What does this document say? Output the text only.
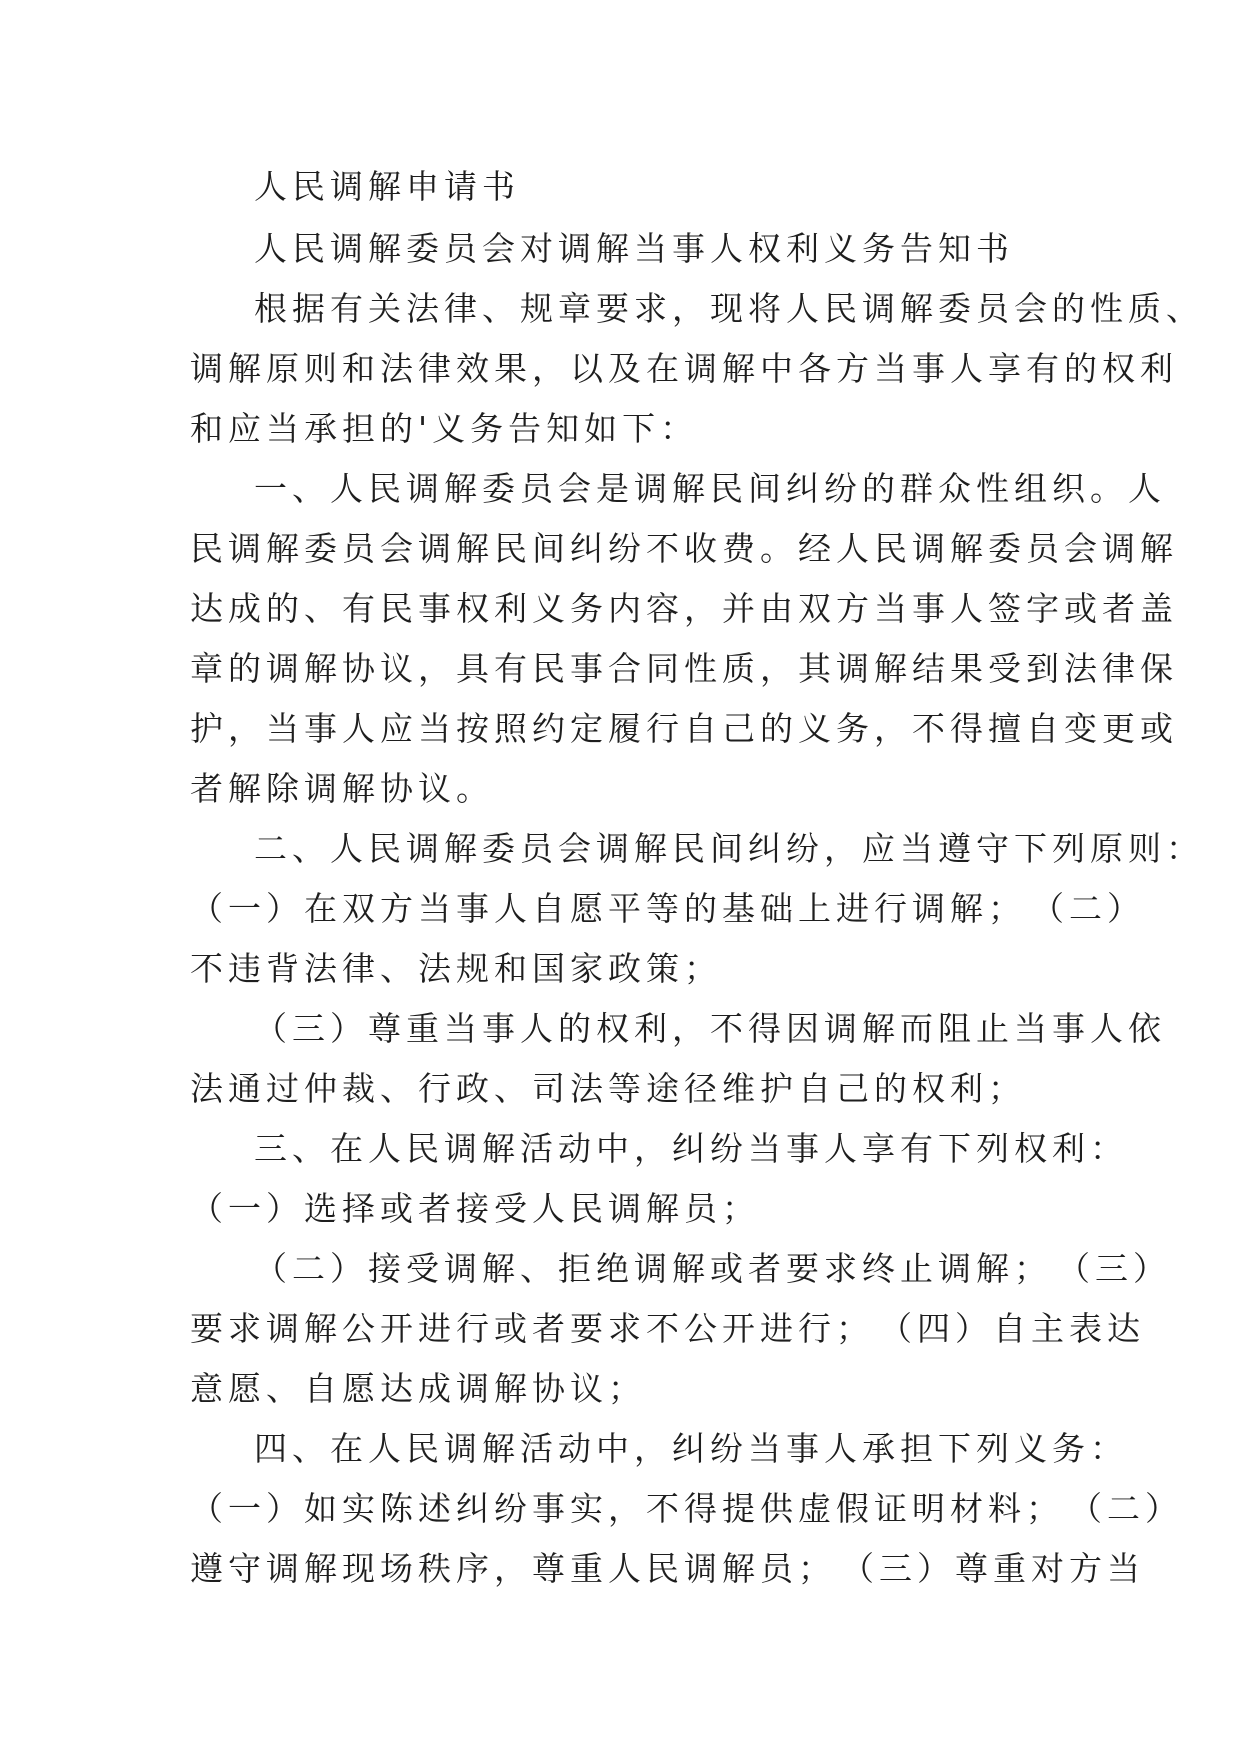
人民调解申请书

人民调解委员会对调解当事人权利义务告知书

根据有关法律、规章要求，现将人民调解委员会的性质、

调解原则和法律效果，以及在调解中各方当事人享有的权利

和应当承担的'义务告知如下：

一、人民调解委员会是调解民间纠纷的群众性组织。人

民调解委员会调解民间纠纷不收费。经人民调解委员会调解

达成的、有民事权利义务内容，并由双方当事人签字或者盖

章的调解协议，具有民事合同性质，其调解结果受到法律保

护，当事人应当按照约定履行自己的义务，不得擅自变更或

者解除调解协议。

二、人民调解委员会调解民间纠纷，应当遵守下列原则：

（一）在双方当事人自愿平等的基础上进行调解；　（二）

不违背法律、法规和国家政策；

（三）尊重当事人的权利，不得因调解而阻止当事人依

法通过仲裁、行政、司法等途径维护自己的权利；

三、在人民调解活动中，纠纷当事人享有下列权利：

（一）选择或者接受人民调解员；

（二）接受调解、拒绝调解或者要求终止调解；　（三）

要求调解公开进行或者要求不公开进行；　（四）自主表达

意愿、自愿达成调解协议；

四、在人民调解活动中，纠纷当事人承担下列义务：

（一）如实陈述纠纷事实，不得提供虚假证明材料；　（二）

遵守调解现场秩序，尊重人民调解员；　（三）尊重对方当
